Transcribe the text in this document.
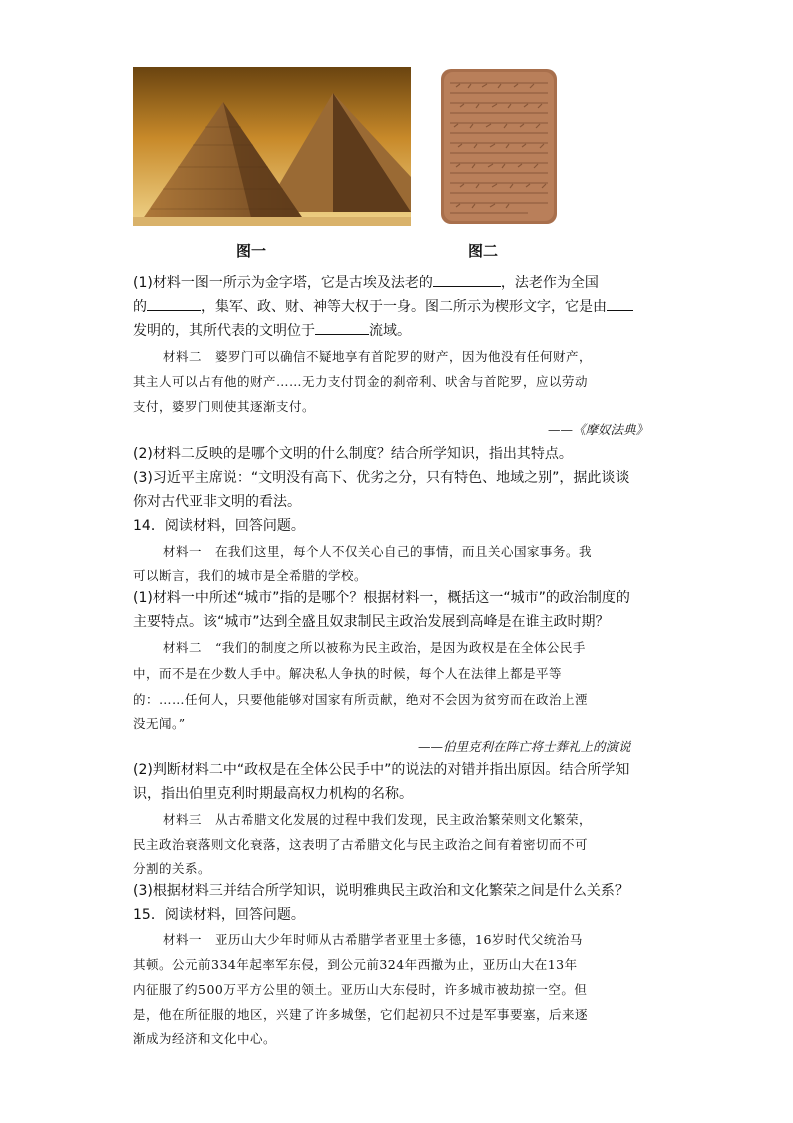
图一	图二
(1)材料一图一所示为金字塔，它是古埃及法老的	，法老作为全国
的	，集军、政、财、神等大权于一身。图二所示为楔形文字，它是由
发明的，其所代表的文明位于	流域。
材料二　婆罗门可以确信不疑地享有首陀罗的财产，因为他没有任何财产，
其主人可以占有他的财产……无力支付罚金的刹帝利、吠舍与首陀罗，应以劳动
支付，婆罗门则使其逐渐支付。
——《摩奴法典》
(2)材料二反映的是哪个文明的什么制度？结合所学知识，指出其特点。
(3)习近平主席说：“文明没有高下、优劣之分，只有特色、地域之别”，据此谈谈
你对古代亚非文明的看法。
14．阅读材料，回答问题。
材料一　在我们这里，每个人不仅关心自己的事情，而且关心国家事务。我
可以断言，我们的城市是全希腊的学校。
(1)材料一中所述“城市”指的是哪个？根据材料一，概括这一“城市”的政治制度的
主要特点。该“城市”达到全盛且奴隶制民主政治发展到高峰是在谁主政时期？
材料二　“我们的制度之所以被称为民主政治，是因为政权是在全体公民手
中，而不是在少数人手中。解决私人争执的时候，每个人在法律上都是平等
的：……任何人，只要他能够对国家有所贡献，绝对不会因为贫穷而在政治上湮
没无闻。”
——伯里克利在阵亡将士葬礼上的演说
(2)判断材料二中“政权是在全体公民手中”的说法的对错并指出原因。结合所学知
识，指出伯里克利时期最高权力机构的名称。
材料三　从古希腊文化发展的过程中我们发现，民主政治繁荣则文化繁荣，
民主政治衰落则文化衰落，这表明了古希腊文化与民主政治之间有着密切而不可
分割的关系。
(3)根据材料三并结合所学知识，说明雅典民主政治和文化繁荣之间是什么关系？
15．阅读材料，回答问题。
材料一　亚历山大少年时师从古希腊学者亚里士多德，16岁时代父统治马
其顿。公元前334年起率军东侵，到公元前324年西撤为止，亚历山大在13年
内征服了约500万平方公里的领土。亚历山大东侵时，许多城市被劫掠一空。但
是，他在所征服的地区，兴建了许多城堡，它们起初只不过是军事要塞，后来逐
渐成为经济和文化中心。
